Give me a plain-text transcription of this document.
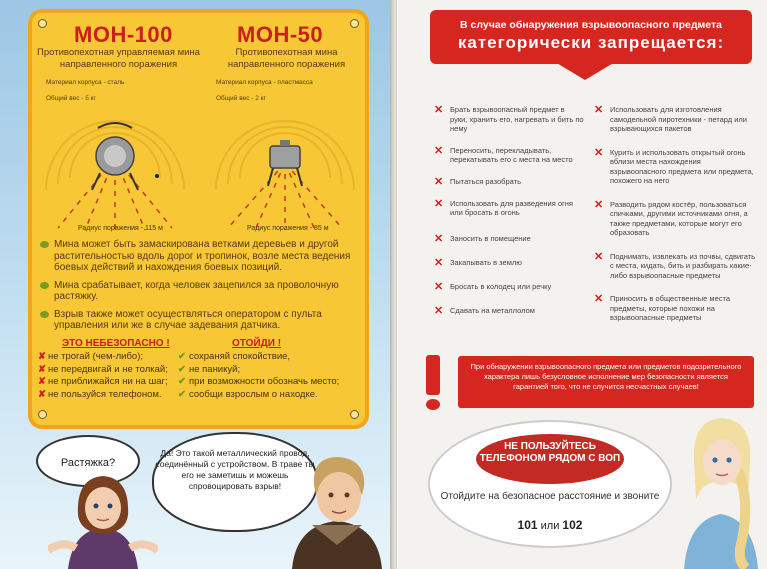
МОН-100	МОН-50
Противопехотная управляемая мина направленного поражения
Противопехотная мина направленного поражения
Материал корпуса - сталь
Общий вес - 5 кг
Материал корпуса - пластмасса
Общий вес - 2 кг
Радиус поражения - 115 м	Радиус поражения - 85 м
Мина может быть замаскирована ветками деревьев и другой растительностью вдоль дорог и тропинок, возле места ведения боевых действий и нахождения боевых позиций.
Мина срабатывает, когда человек зацепился за проволочную растяжку.
Взрыв также может осуществляться оператором с пульта управления или же в случае задевания датчика.
ЭТО НЕБЕЗОПАСНО !	ОТОЙДИ !
✘ не трогай (чем-либо);
✘ не передвигай и не толкай;
✘ не приближайся ни на шаг;
✘ не пользуйся телефоном.
✔ сохраняй спокойствие,
✔ не паникуй;
✔ при возможности обозначь место;
✔ сообщи взрослым о находке.
Растяжка?
Да! Это такой металлический провод, соединённый с устройством. В траве ты его не заметишь и можешь спровоцировать взрыв!
В случае обнаружения взрывоопасного предмета
категорически запрещается:
✕ Брать взрывоопасный предмет в руки, хранить его, нагревать и бить по нему
✕ Переносить, перекладывать, перекатывать его с места на место
✕ Пытаться разобрать
✕ Использовать для разведения огня или бросать в огонь
✕ Заносить в помещение
✕ Закапывать в землю
✕ Бросать в колодец или речку
✕ Сдавать на металлолом
✕ Использовать для изготовления самодельной пиротехники - петард или взрывающихся пакетов
✕ Курить и использовать открытый огонь вблизи места нахождения взрывоопасного предмета или предмета, похожего на него
✕ Разводить рядом костёр, пользоваться спичками, другими источниками огня, а также предметами, которые могут его образовать
✕ Поднимать, извлекать из почвы, сдвигать с места, кидать, бить и разбирать какие-либо взрывоопасные предметы
✕ Приносить в общественные места предметы, которые похожи на взрывоопасные предметы
При обнаружении взрывоопасного предмета или предметов подозрительного характера лишь безусловное исполнение мер безопасности является гарантией того, что не случится несчастных случаев!
НЕ ПОЛЬЗУЙТЕСЬ ТЕЛЕФОНОМ РЯДОМ С ВОП
Отойдите на безопасное расстояние и звоните
101 или 102
